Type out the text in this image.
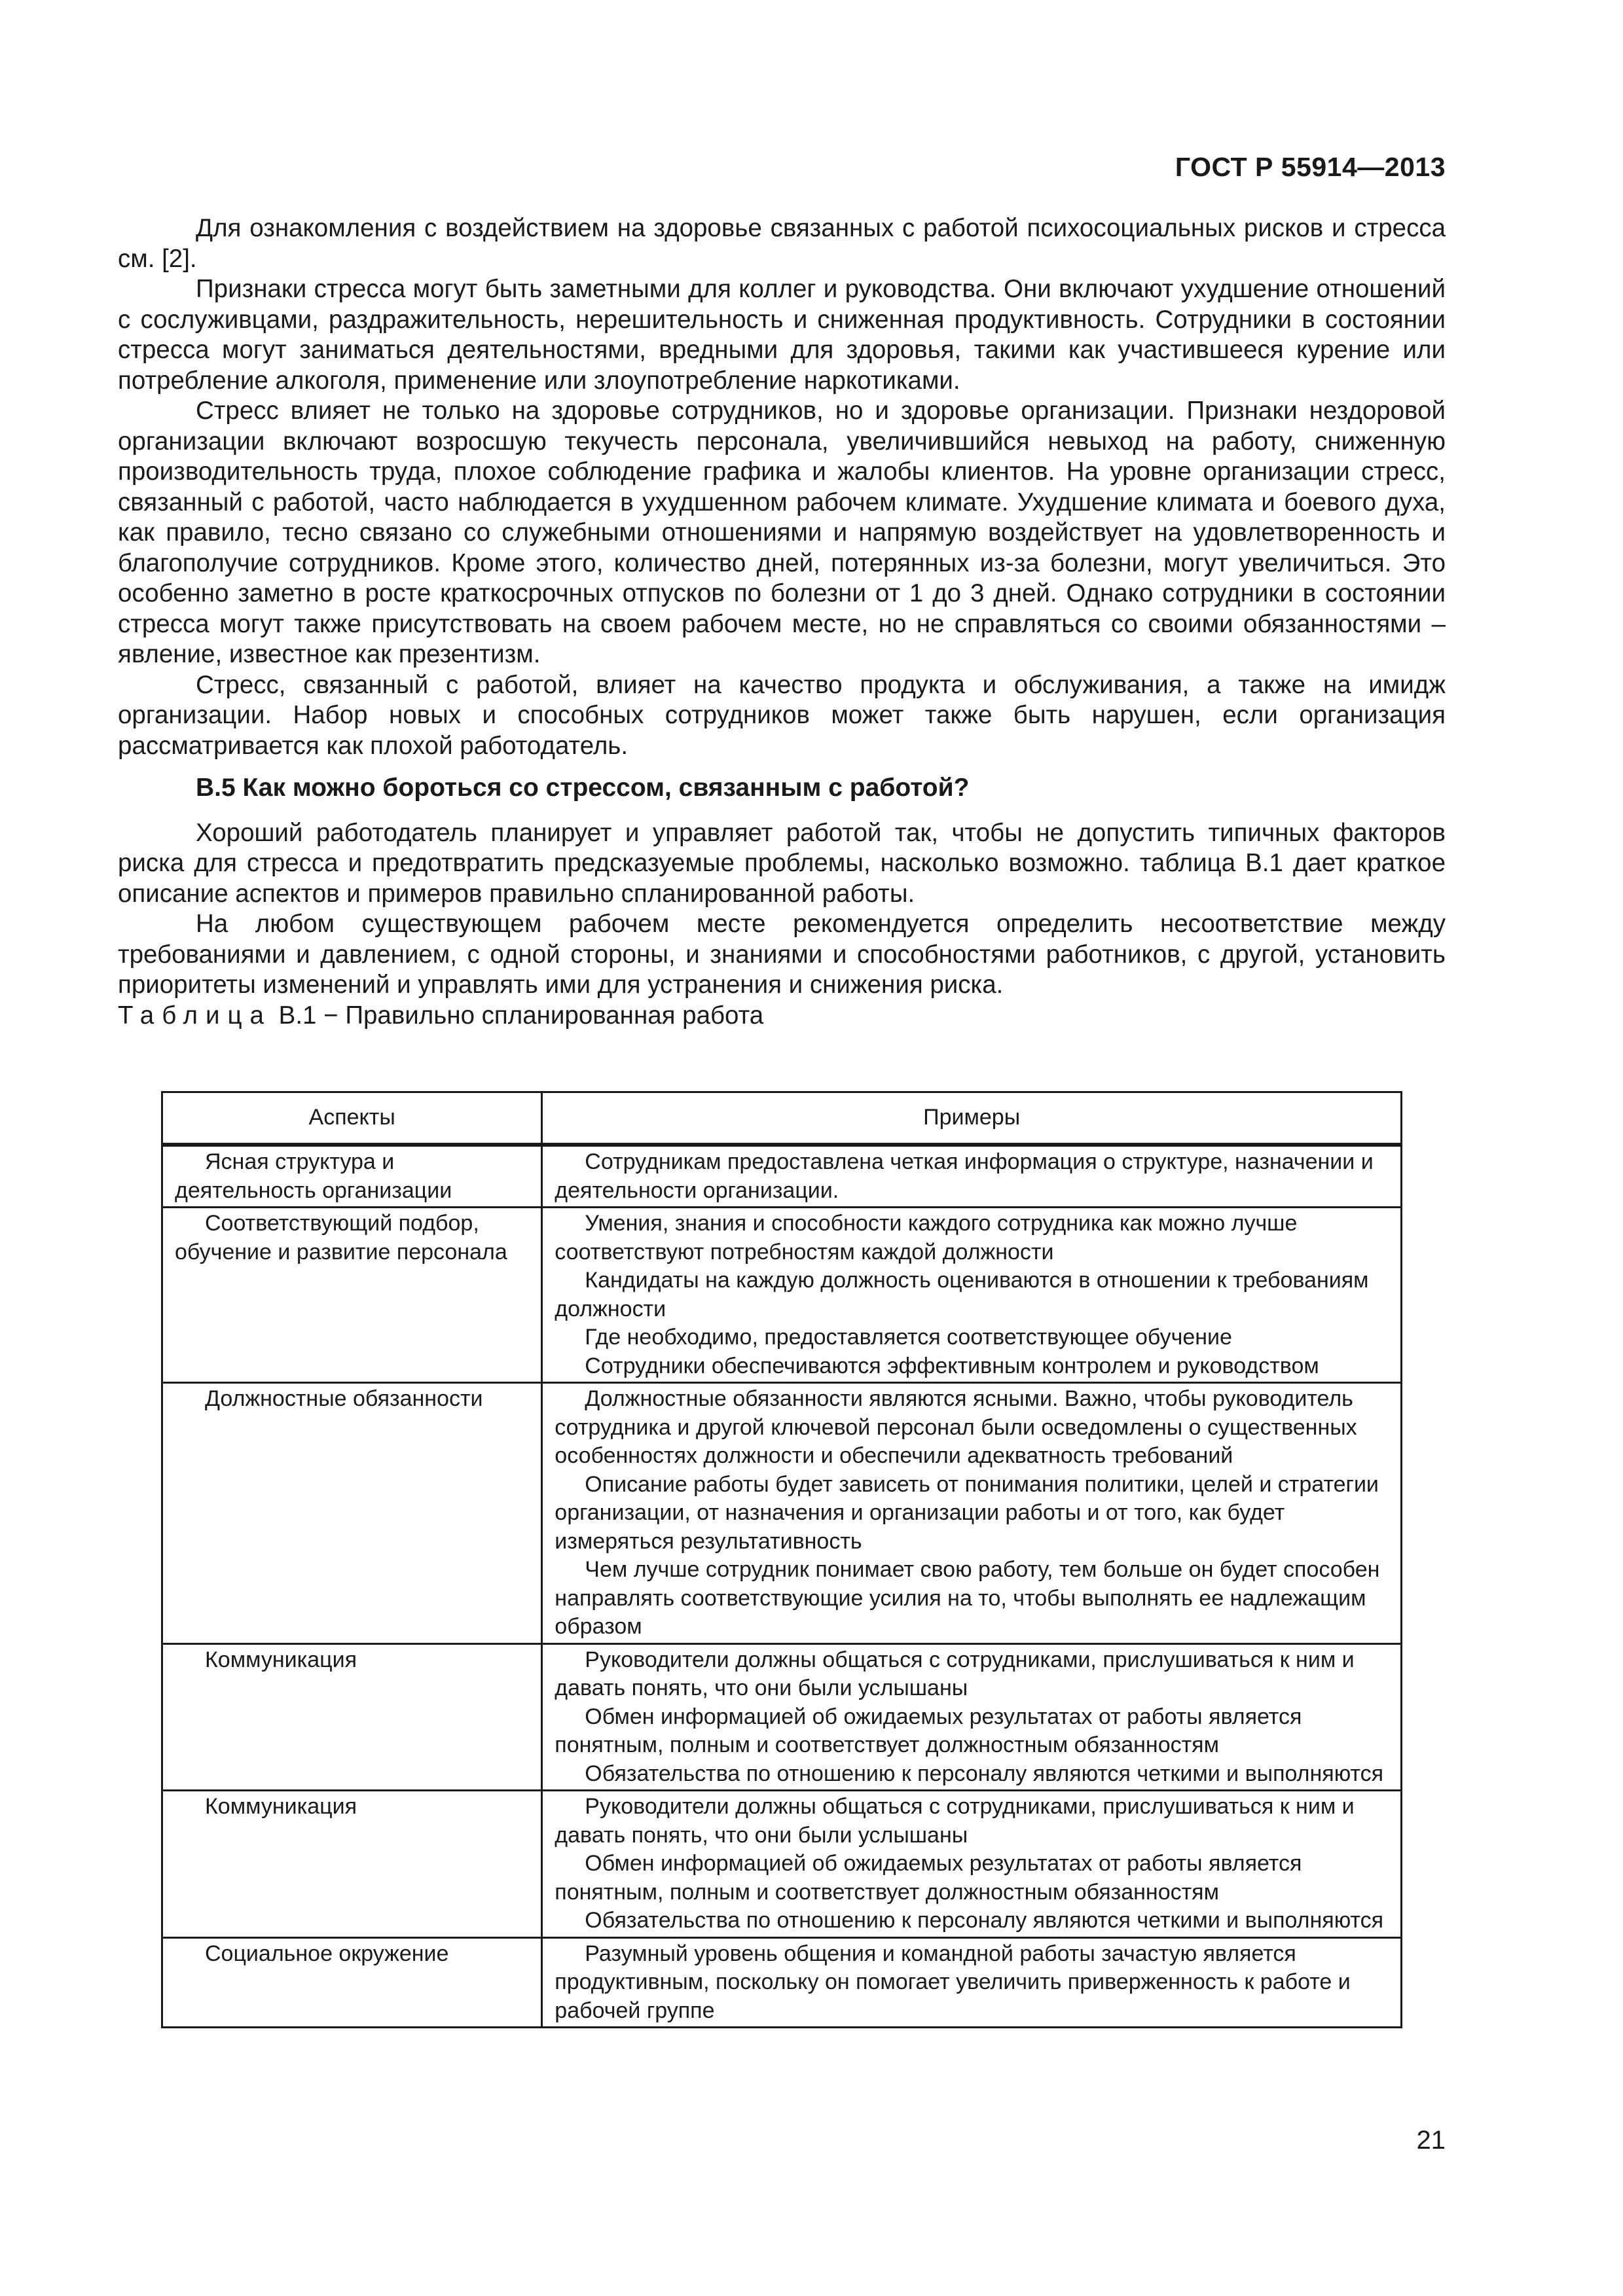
ГОСТ Р 55914—2013

Для ознакомления с воздействием на здоровье связанных с работой психосоциальных рисков и стресса см. [2].

Признаки стресса могут быть заметными для коллег и руководства. Они включают ухудшение отношений с сослуживцами, раздражительность, нерешительность и сниженная продуктивность. Сотрудники в состоянии стресса могут заниматься деятельностями, вредными для здоровья, такими как участившееся курение или потребление алкоголя, применение или злоупотребление наркотиками.

Стресс влияет не только на здоровье сотрудников, но и здоровье организации. Признаки нездоровой организации включают возросшую текучесть персонала, увеличившийся невыход на работу, сниженную производительность труда, плохое соблюдение графика и жалобы клиентов. На уровне организации стресс, связанный с работой, часто наблюдается в ухудшенном рабочем климате. Ухудшение климата и боевого духа, как правило, тесно связано со служебными отношениями и напрямую воздействует на удовлетворенность и благополучие сотрудников. Кроме этого, количество дней, потерянных из-за болезни, могут увеличиться. Это особенно заметно в росте краткосрочных отпусков по болезни от 1 до 3 дней. Однако сотрудники в состоянии стресса могут также присутствовать на своем рабочем месте, но не справляться со своими обязанностями – явление, известное как презентизм.

Стресс, связанный с работой, влияет на качество продукта и обслуживания, а также на имидж организации. Набор новых и способных сотрудников может также быть нарушен, если организация рассматривается как плохой работодатель.

В.5 Как можно бороться со стрессом, связанным с работой?

Хороший работодатель планирует и управляет работой так, чтобы не допустить типичных факторов риска для стресса и предотвратить предсказуемые проблемы, насколько возможно. таблица В.1 дает краткое описание аспектов и примеров правильно спланированной работы.

На любом существующем рабочем месте рекомендуется определить несоответствие между требованиями и давлением, с одной стороны, и знаниями и способностями работников, с другой, установить приоритеты изменений и управлять ими для устранения и снижения риска.

Таблица В.1 − Правильно спланированная работа

Аспекты	Примеры

Ясная структура и деятельность организации	Сотрудникам предоставлена четкая информация о структуре, назначении и деятельности организации.

Соответствующий подбор, обучение и развитие персонала	Умения, знания и способности каждого сотрудника как можно лучше соответствуют потребностям каждой должности
Кандидаты на каждую должность оцениваются в отношении к требованиям должности
Где необходимо, предоставляется соответствующее обучение
Сотрудники обеспечиваются эффективным контролем и руководством

Должностные обязанности	Должностные обязанности являются ясными. Важно, чтобы руководитель сотрудника и другой ключевой персонал были осведомлены о существенных особенностях должности и обеспечили адекватность требований
Описание работы будет зависеть от понимания политики, целей и стратегии организации, от назначения и организации работы и от того, как будет измеряться результативность
Чем лучше сотрудник понимает свою работу, тем больше он будет способен направлять соответствующие усилия на то, чтобы выполнять ее надлежащим образом

Коммуникация	Руководители должны общаться с сотрудниками, прислушиваться к ним и давать понять, что они были услышаны
Обмен информацией об ожидаемых результатах от работы является понятным, полным и соответствует должностным обязанностям
Обязательства по отношению к персоналу являются четкими и выполняются

Коммуникация	Руководители должны общаться с сотрудниками, прислушиваться к ним и давать понять, что они были услышаны
Обмен информацией об ожидаемых результатах от работы является понятным, полным и соответствует должностным обязанностям
Обязательства по отношению к персоналу являются четкими и выполняются

Социальное окружение	Разумный уровень общения и командной работы зачастую является продуктивным, поскольку он помогает увеличить приверженность к работе и рабочей группе
21
